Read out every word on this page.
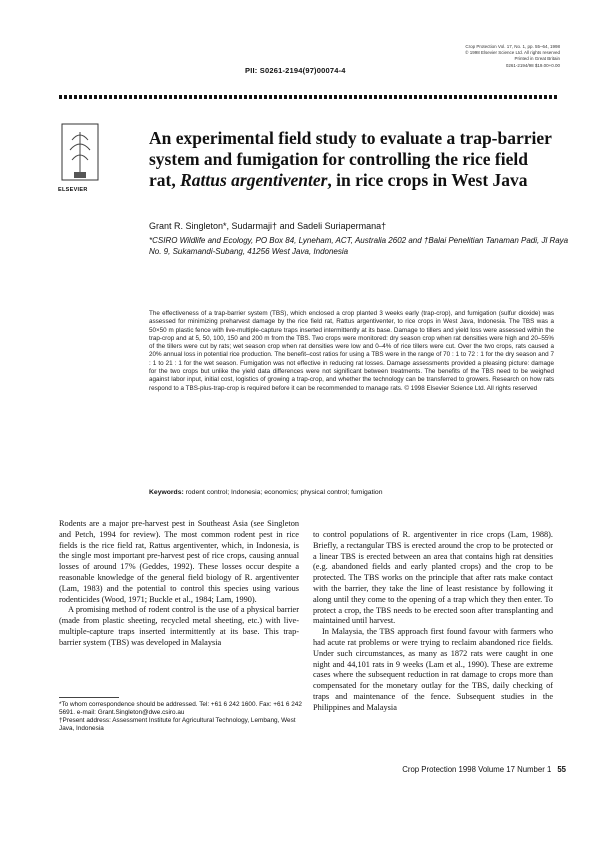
Crop Protection Vol. 17, No. 1, pp. 55–64, 1998
© 1998 Elsevier Science Ltd. All rights reserved
Printed in Great Britain
0261-2194/98 $19.00+0.00
PII: S0261-2194(97)00074-4
ELSEVIER
An experimental field study to evaluate a trap-barrier system and fumigation for controlling the rice field rat, Rattus argentiventer, in rice crops in West Java
Grant R. Singleton*, Sudarmaji† and Sadeli Suriapermana†
*CSIRO Wildlife and Ecology, PO Box 84, Lyneham, ACT, Australia 2602 and †Balai Penelitian Tanaman Padi, Jl Raya No. 9, Sukamandi-Subang, 41256 West Java, Indonesia
The effectiveness of a trap-barrier system (TBS), which enclosed a crop planted 3 weeks early (trap-crop), and fumigation (sulfur dioxide) was assessed for minimizing preharvest damage by the rice field rat, Rattus argentiventer, to rice crops in West Java, Indonesia. The TBS was a 50×50 m plastic fence with live-multiple-capture traps inserted intermittently at its base. Damage to tillers and yield loss were assessed within the trap-crop and at 5, 50, 100, 150 and 200 m from the TBS. Two crops were monitored: dry season crop when rat densities were high and 20–55% of the tillers were cut by rats; wet season crop when rat densities were low and 0–4% of rice tillers were cut. Over the two crops, rats caused a 20% annual loss in potential rice production. The benefit–cost ratios for using a TBS were in the range of 70 : 1 to 72 : 1 for the dry season and 7 : 1 to 21 : 1 for the wet season. Fumigation was not effective in reducing rat losses. Damage assessments provided a pleasing picture: damage for the two crops but unlike the yield data differences were not significant between treatments. The benefits of the TBS need to be weighed against labor input, initial cost, logistics of growing a trap-crop, and whether the technology can be transferred to growers. Research on how rats respond to a TBS-plus-trap-crop is required before it can be recommended to manage rats. © 1998 Elsevier Science Ltd. All rights reserved
Keywords: rodent control; Indonesia; economics; physical control; fumigation

Rodents are a major pre-harvest pest in Southeast Asia (see Singleton and Petch, 1994 for review). The most common rodent pest in rice fields is the rice field rat, Rattus argentiventer, which, in Indonesia, is the single most important pre-harvest pest of rice crops, causing annual losses of around 17% (Geddes, 1992). These losses occur despite a reasonable knowledge of the general field biology of R. argentiventer (Lam, 1983) and the potential to control this species using various rodenticides (Wood, 1971; Buckle et al., 1984; Lam, 1990).

A promising method of rodent control is the use of a physical barrier (made from plastic sheeting, recycled metal sheeting, etc.) with live-multiple-capture traps inserted intermittently at its base. This trap-barrier system (TBS) was developed in Malaysia

to control populations of R. argentiventer in rice crops (Lam, 1988). Briefly, a rectangular TBS is erected around the crop to be protected or a linear TBS is erected between an area that contains high rat densities (e.g. abandoned fields and early planted crops) and the crop to be protected. The TBS works on the principle that after rats make contact with the barrier, they take the line of least resistance by following it along until they come to the opening of a trap which they then enter. To protect a crop, the TBS needs to be erected soon after transplanting and maintained until harvest.

In Malaysia, the TBS approach first found favour with farmers who had acute rat problems or were trying to reclaim abandoned rice fields. Under such circumstances, as many as 1872 rats were caught in one night and 44,101 rats in 9 weeks (Lam et al., 1990). These are extreme cases where the subsequent reduction in rat damage to crops more than compensated for the monetary outlay for the TBS, daily checking of traps and maintenance of the fence. Subsequent studies in the Philippines and Malaysia

*To whom correspondence should be addressed. Tel: +61 6 242 1600. Fax: +61 6 242 5691. e-mail: Grant.Singleton@dwe.csiro.au
†Present address: Assessment Institute for Agricultural Technology, Lembang, West Java, Indonesia
Crop Protection 1998 Volume 17 Number 1 55
